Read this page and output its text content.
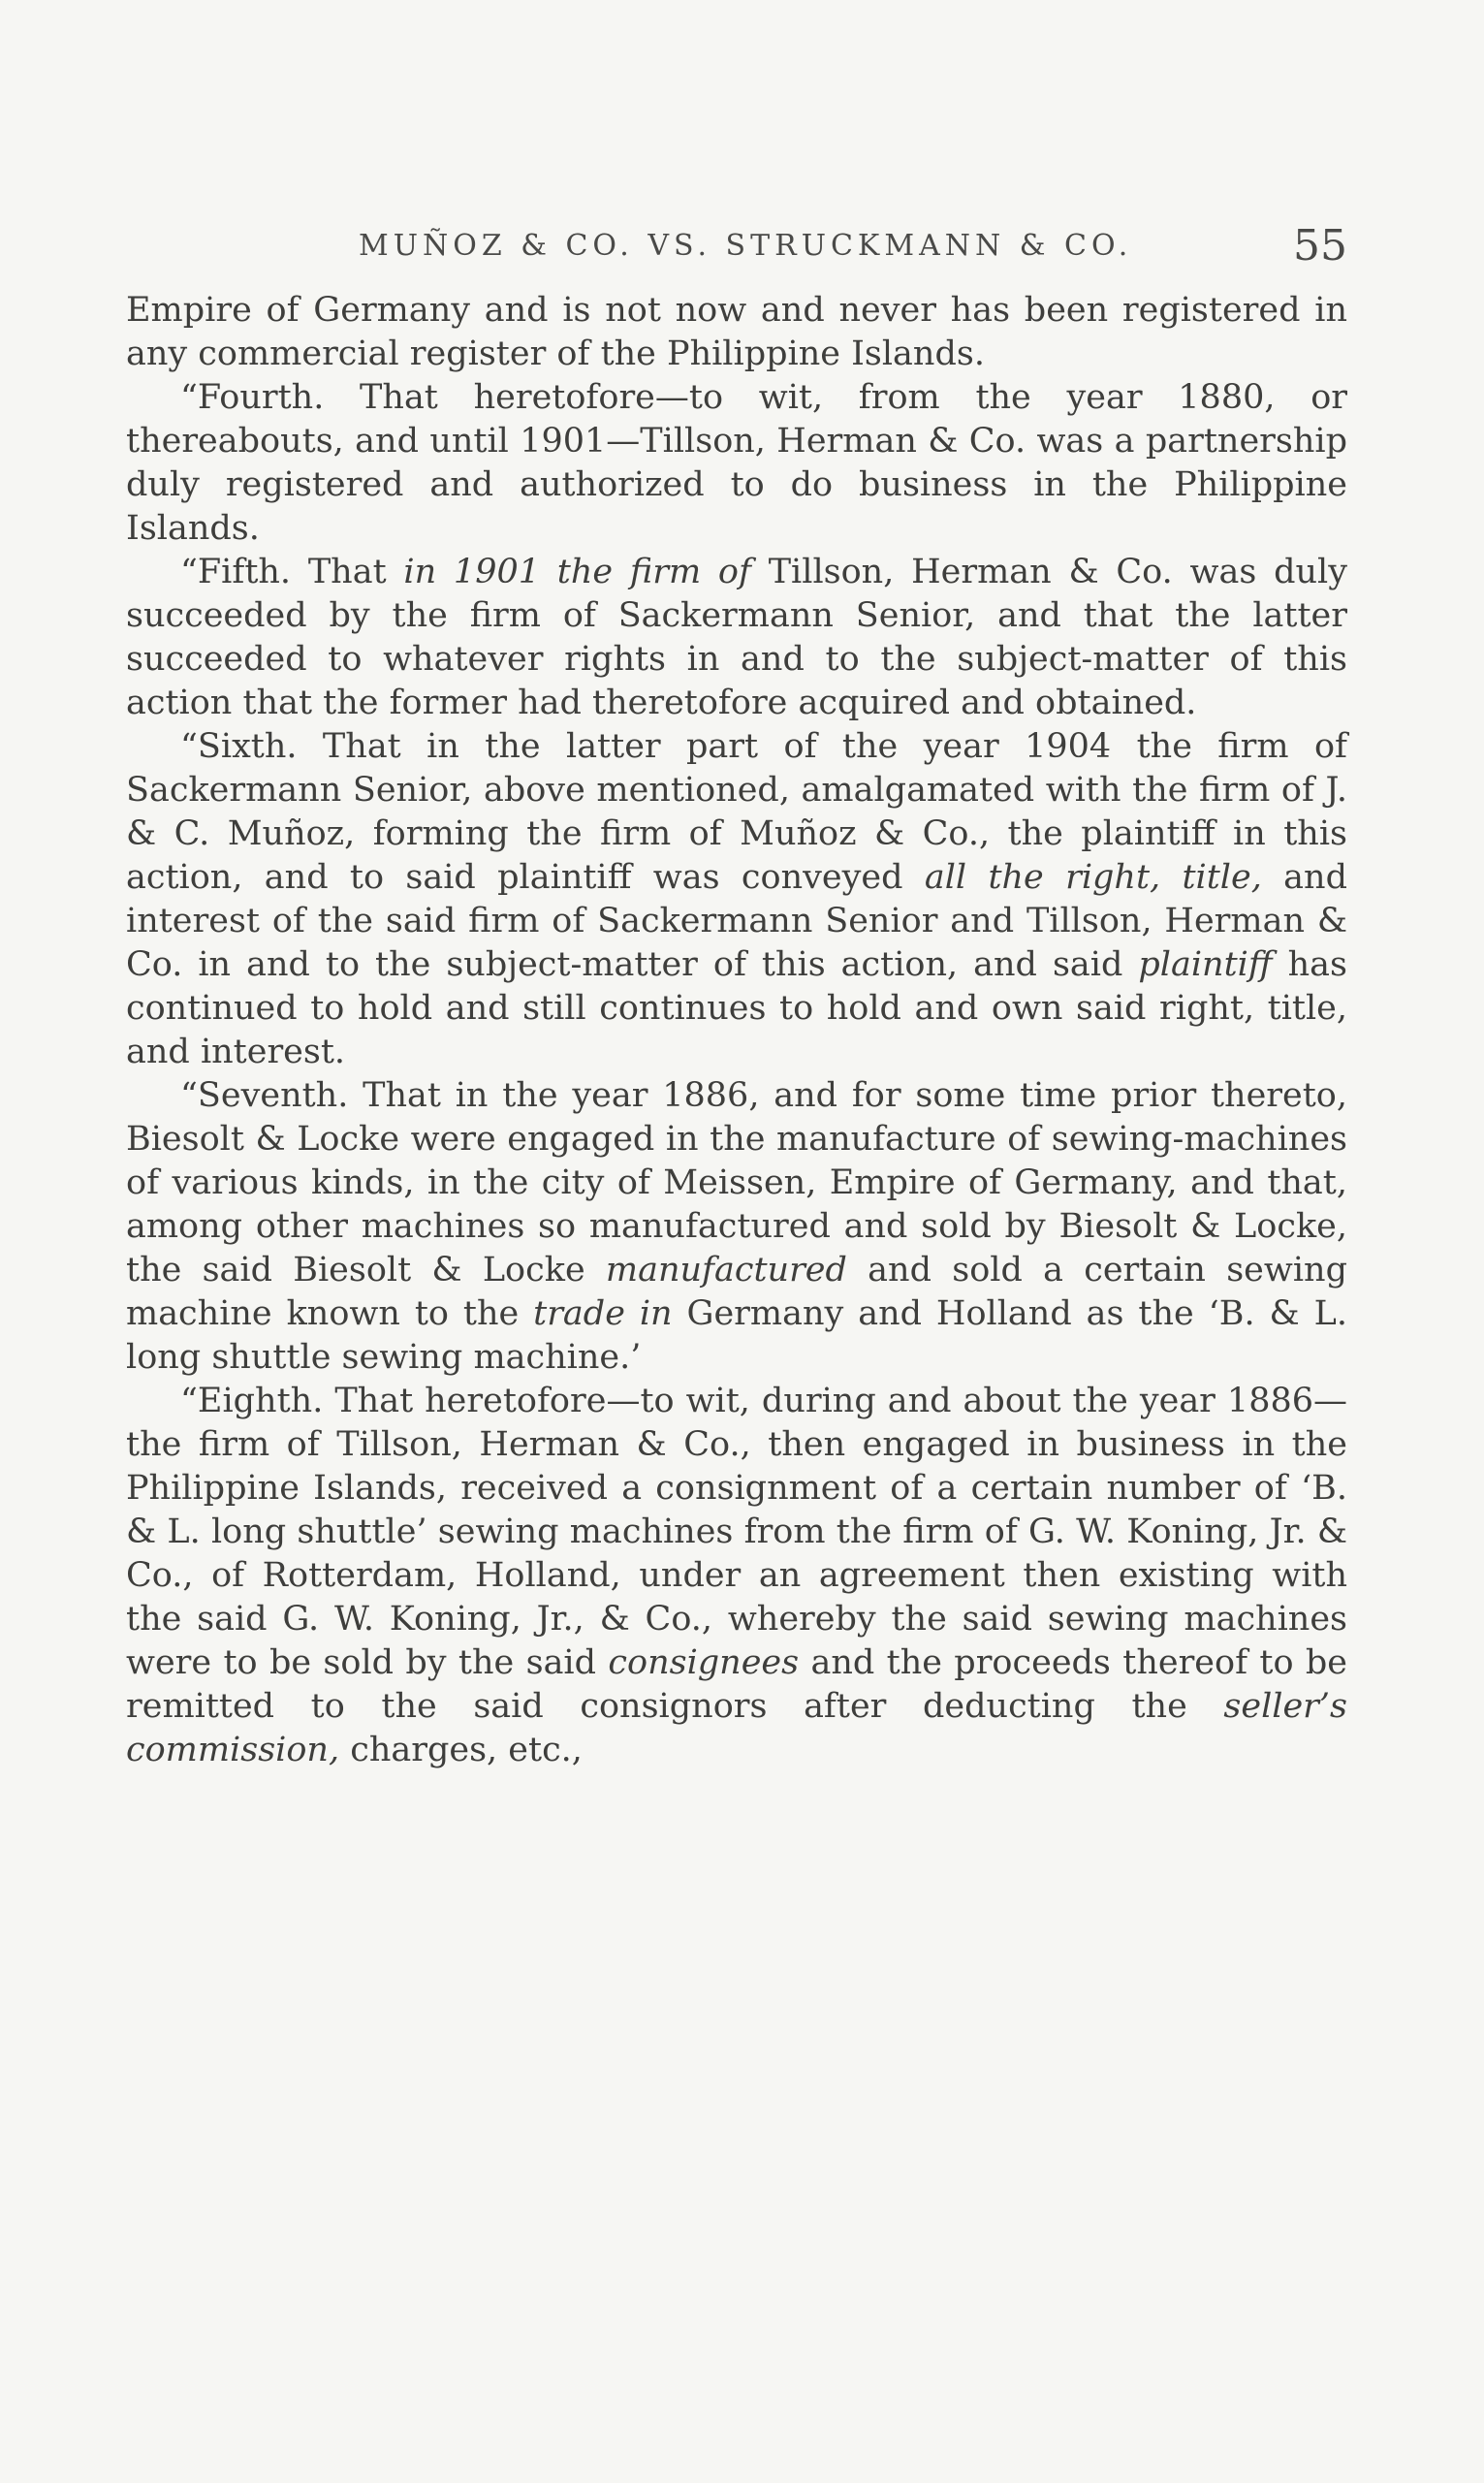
MUÑOZ & CO. VS. STRUCKMANN & CO.	55

Empire of Germany and is not now and never has been registered in any commercial register of the Philippine Islands.

“Fourth. That heretofore—to wit, from the year 1880, or thereabouts, and until 1901—Tillson, Herman & Co. was a partnership duly registered and authorized to do business in the Philippine Islands.

“Fifth. That in 1901 the firm of Tillson, Herman & Co. was duly succeeded by the firm of Sackermann Senior, and that the latter succeeded to whatever rights in and to the subject-matter of this action that the former had theretofore acquired and obtained.

“Sixth. That in the latter part of the year 1904 the firm of Sackermann Senior, above mentioned, amalgamated with the firm of J. & C. Muñoz, forming the firm of Muñoz & Co., the plaintiff in this action, and to said plaintiff was conveyed all the right, title, and interest of the said firm of Sackermann Senior and Tillson, Herman & Co. in and to the subject-matter of this action, and said plaintiff has continued to hold and still continues to hold and own said right, title, and interest.

“Seventh. That in the year 1886, and for some time prior thereto, Biesolt & Locke were engaged in the manufacture of sewing-machines of various kinds, in the city of Meissen, Empire of Germany, and that, among other machines so manufactured and sold by Biesolt & Locke, the said Biesolt & Locke manufactured and sold a certain sewing machine known to the trade in Germany and Holland as the ‘B. & L. long shuttle sewing machine.’

“Eighth. That heretofore—to wit, during and about the year 1886—the firm of Tillson, Herman & Co., then engaged in business in the Philippine Islands, received a consignment of a certain number of ‘B. & L. long shuttle’ sewing machines from the firm of G. W. Koning, Jr. & Co., of Rotterdam, Holland, under an agreement then existing with the said G. W. Koning, Jr., & Co., whereby the said sewing machines were to be sold by the said consignees and the proceeds thereof to be remitted to the said consignors after deducting the seller’s commission, charges, etc.,
